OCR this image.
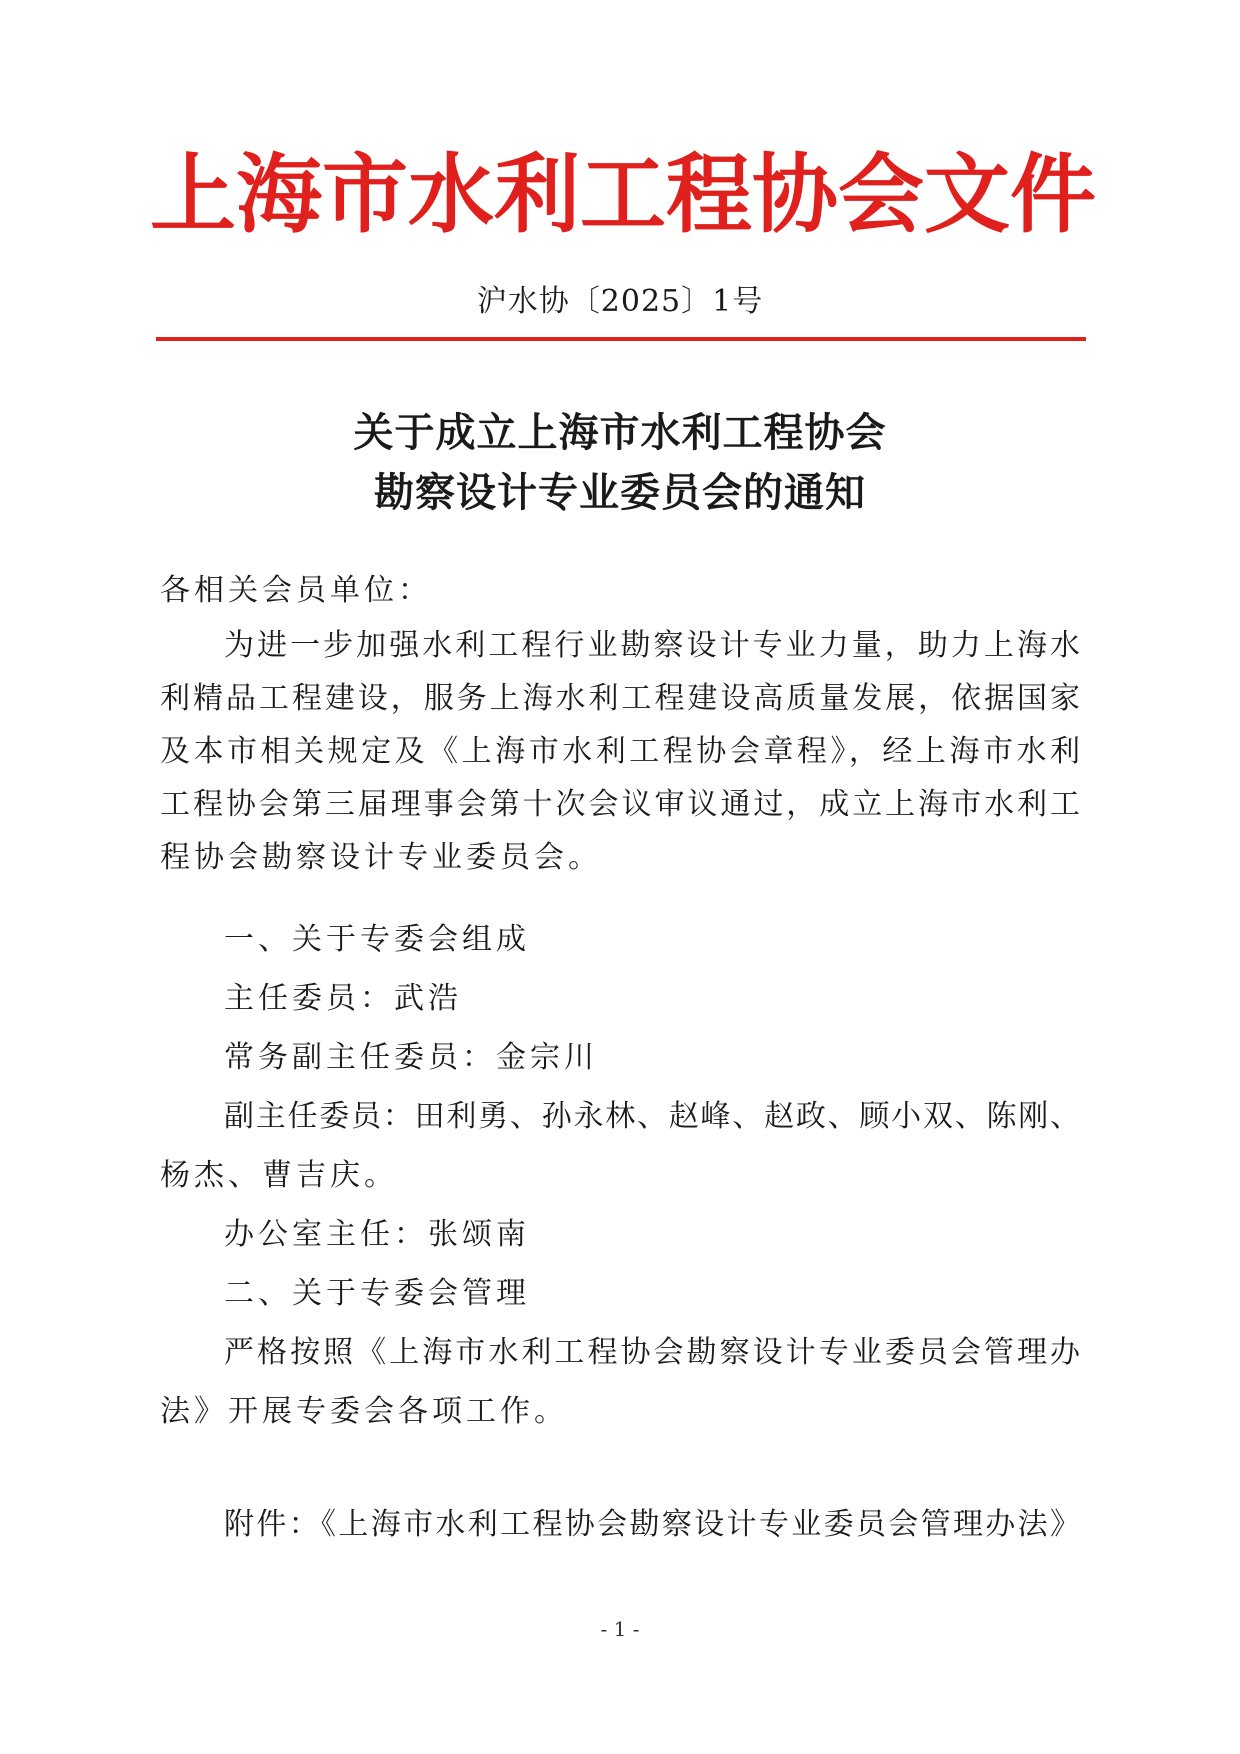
上海市水利工程协会文件
沪水协〔2025〕1号
关于成立上海市水利工程协会
勘察设计专业委员会的通知
各相关会员单位：
为进一步加强水利工程行业勘察设计专业力量，助力上海水
利精品工程建设，服务上海水利工程建设高质量发展，依据国家
及本市相关规定及《上海市水利工程协会章程》，经上海市水利
工程协会第三届理事会第十次会议审议通过，成立上海市水利工
程协会勘察设计专业委员会。
一、关于专委会组成
主任委员：武浩
常务副主任委员：金宗川
副主任委员：田利勇、孙永林、赵峰、赵政、顾小双、陈刚、
杨杰、曹吉庆。
办公室主任：张颂南
二、关于专委会管理
严格按照《上海市水利工程协会勘察设计专业委员会管理办
法》开展专委会各项工作。
附件：《上海市水利工程协会勘察设计专业委员会管理办法》
- 1 -
